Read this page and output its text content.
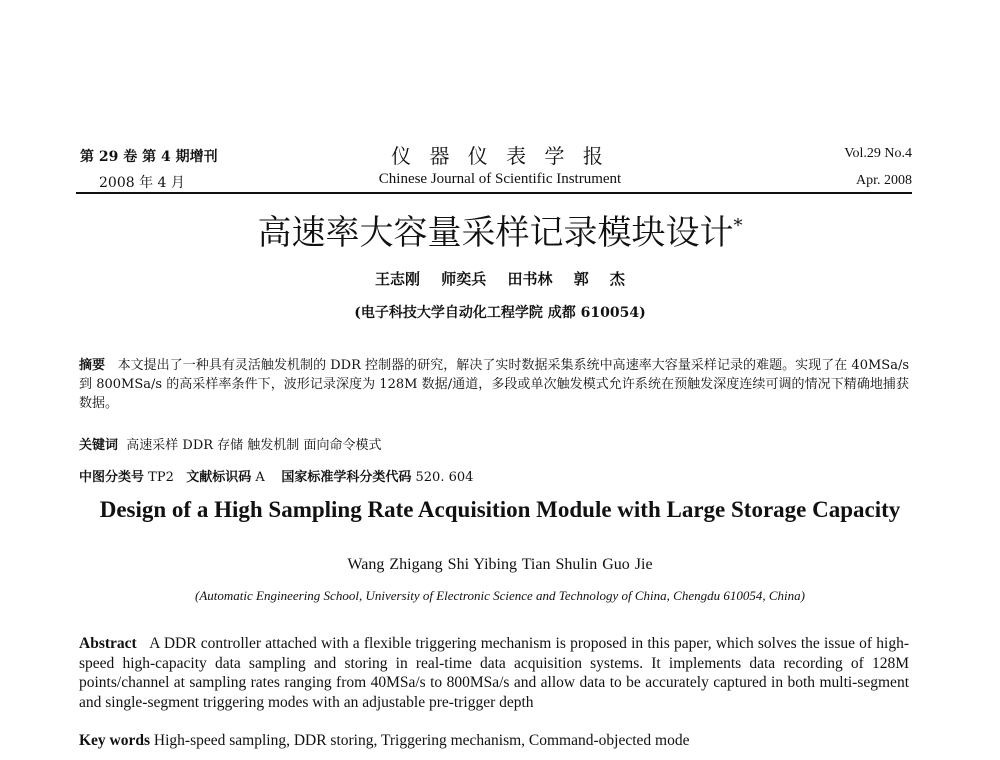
第 29 卷 第 4 期增刊
2008 年 4 月
仪 器 仪 表 学 报
Chinese Journal of Scientific Instrument
Vol.29 No.4
Apr. 2008
高速率大容量采样记录模块设计*
王志刚 师奕兵 田书林 郭 杰
(电子科技大学自动化工程学院 成都 610054)
摘要 本文提出了一种具有灵活触发机制的 DDR 控制器的研究，解决了实时数据采集系统中高速率大容量采样记录的难题。实现了在 40MSa/s 到 800MSa/s 的高采样率条件下，波形记录深度为 128M 数据/通道，多段或单次触发模式允许系统在预触发深度连续可调的情况下精确地捕获数据。
关键词 高速采样 DDR 存储 触发机制 面向命令模式
中图分类号 TP2 文献标识码 A 国家标准学科分类代码 520. 604
Design of a High Sampling Rate Acquisition Module with Large Storage Capacity
Wang Zhigang Shi Yibing Tian Shulin Guo Jie
(Automatic Engineering School, University of Electronic Science and Technology of China, Chengdu 610054, China)
Abstract A DDR controller attached with a flexible triggering mechanism is proposed in this paper, which solves the issue of high-speed high-capacity data sampling and storing in real-time data acquisition systems. It implements data recording of 128M points/channel at sampling rates ranging from 40MSa/s to 800MSa/s and allow data to be accurately captured in both multi-segment and single-segment triggering modes with an adjustable pre-trigger depth
Key words High-speed sampling, DDR storing, Triggering mechanism, Command-objected mode
